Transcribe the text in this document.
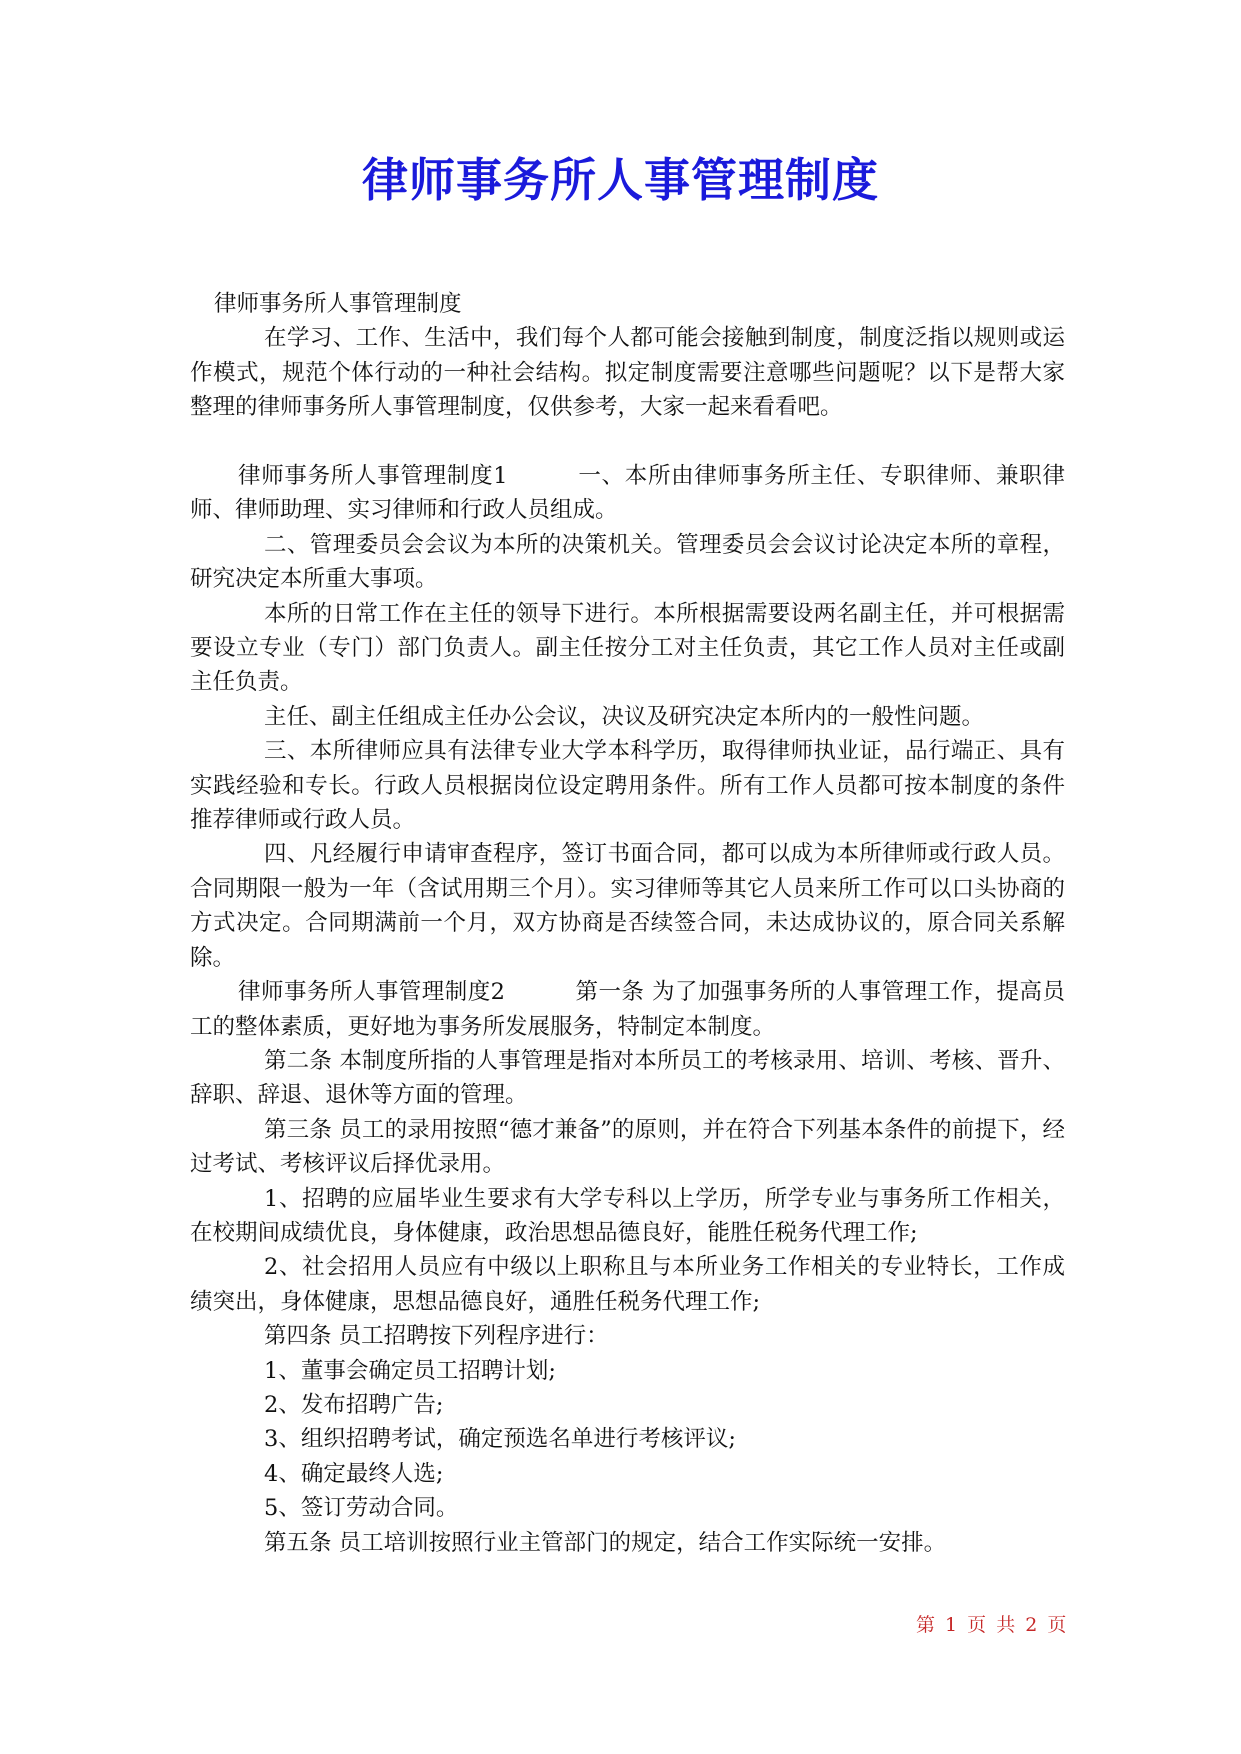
律师事务所人事管理制度

律师事务所人事管理制度

在学习、工作、生活中，我们每个人都可能会接触到制度，制度泛指以规则或运作模式，规范个体行动的一种社会结构。拟定制度需要注意哪些问题呢？以下是帮大家整理的律师事务所人事管理制度，仅供参考，大家一起来看看吧。

律师事务所人事管理制度1	一、本所由律师事务所主任、专职律师、兼职律师、律师助理、实习律师和行政人员组成。

二、管理委员会会议为本所的决策机关。管理委员会会议讨论决定本所的章程，研究决定本所重大事项。

本所的日常工作在主任的领导下进行。本所根据需要设两名副主任，并可根据需要设立专业（专门）部门负责人。副主任按分工对主任负责，其它工作人员对主任或副主任负责。

主任、副主任组成主任办公会议，决议及研究决定本所内的一般性问题。

三、本所律师应具有法律专业大学本科学历，取得律师执业证，品行端正、具有实践经验和专长。行政人员根据岗位设定聘用条件。所有工作人员都可按本制度的条件推荐律师或行政人员。

四、凡经履行申请审查程序，签订书面合同，都可以成为本所律师或行政人员。合同期限一般为一年（含试用期三个月）。实习律师等其它人员来所工作可以口头协商的方式决定。合同期满前一个月，双方协商是否续签合同，未达成协议的，原合同关系解除。

律师事务所人事管理制度2	第一条 为了加强事务所的人事管理工作，提高员工的整体素质，更好地为事务所发展服务，特制定本制度。

第二条 本制度所指的人事管理是指对本所员工的考核录用、培训、考核、晋升、辞职、辞退、退休等方面的管理。

第三条 员工的录用按照“德才兼备”的原则，并在符合下列基本条件的前提下，经过考试、考核评议后择优录用。

1、招聘的应届毕业生要求有大学专科以上学历，所学专业与事务所工作相关，在校期间成绩优良，身体健康，政治思想品德良好，能胜任税务代理工作;

2、社会招用人员应有中级以上职称且与本所业务工作相关的专业特长，工作成绩突出，身体健康，思想品德良好，通胜任税务代理工作;

第四条 员工招聘按下列程序进行：

1、董事会确定员工招聘计划;

2、发布招聘广告;

3、组织招聘考试，确定预选名单进行考核评议;

4、确定最终人选;

5、签订劳动合同。

第五条 员工培训按照行业主管部门的规定，结合工作实际统一安排。

第 1 页 共 2 页
